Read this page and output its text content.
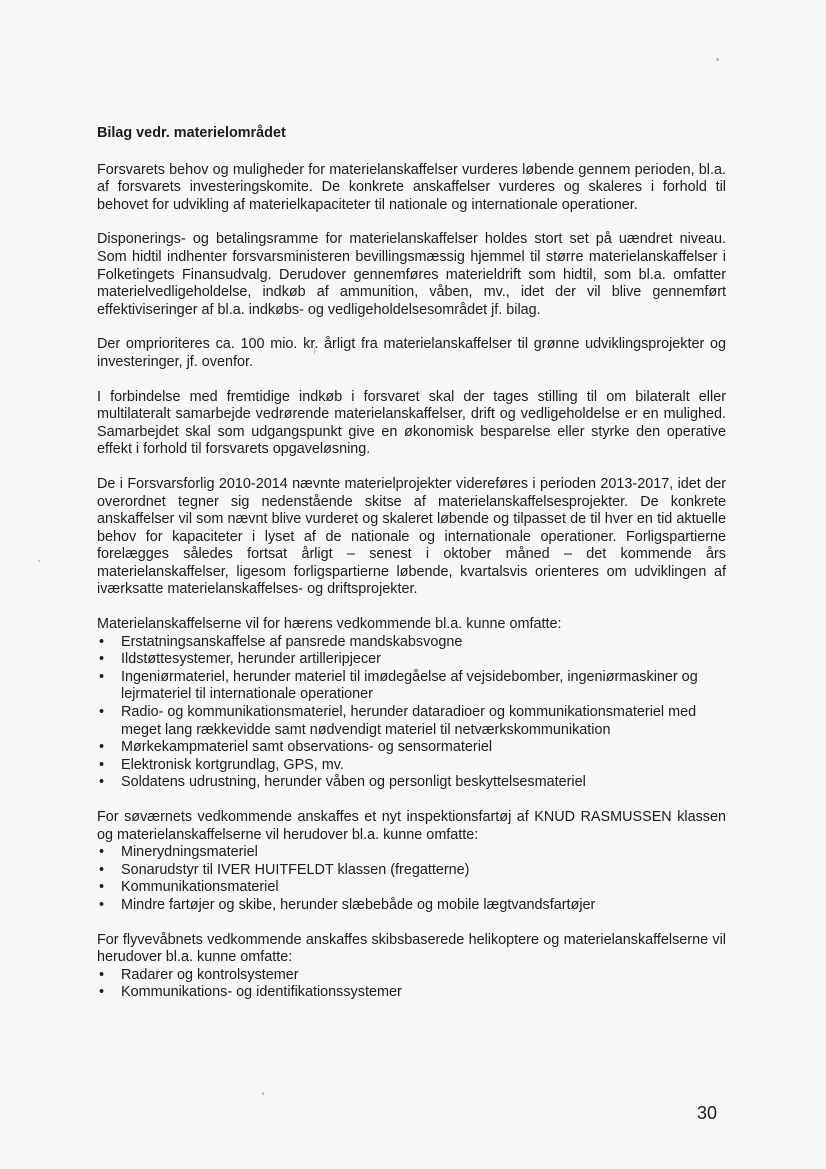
Bilag vedr. materielområdet

Forsvarets behov og muligheder for materielanskaffelser vurderes løbende gennem perioden, bl.a. af forsvarets investeringskomite. De konkrete anskaffelser vurderes og skaleres i forhold til behovet for udvikling af materielkapaciteter til nationale og internationale operationer.

Disponerings- og betalingsramme for materielanskaffelser holdes stort set på uændret niveau. Som hidtil indhenter forsvarsministeren bevillingsmæssig hjemmel til større materielanskaffelser i Folketingets Finansudvalg. Derudover gennemføres materieldrift som hidtil, som bl.a. omfatter materielvedligeholdelse, indkøb af ammunition, våben, mv., idet der vil blive gennemført effektiviseringer af bl.a. indkøbs- og vedligeholdelsesområdet jf. bilag.

Der omprioriteres ca. 100 mio. kr. årligt fra materielanskaffelser til grønne udviklingsprojekter og investeringer, jf. ovenfor.

I forbindelse med fremtidige indkøb i forsvaret skal der tages stilling til om bilateralt eller multilateralt samarbejde vedrørende materielanskaffelser, drift og vedligeholdelse er en mulighed. Samarbejdet skal som udgangspunkt give en økonomisk besparelse eller styrke den operative effekt i forhold til forsvarets opgaveløsning.

De i Forsvarsforlig 2010-2014 nævnte materielprojekter videreføres i perioden 2013-2017, idet der overordnet tegner sig nedenstående skitse af materielanskaffelsesprojekter. De konkrete anskaffelser vil som nævnt blive vurderet og skaleret løbende og tilpasset de til hver en tid aktuelle behov for kapaciteter i lyset af de nationale og internationale operationer. Forligspartierne forelægges således fortsat årligt – senest i oktober måned – det kommende års materielanskaffelser, ligesom forligspartierne løbende, kvartalsvis orienteres om udviklingen af iværksatte materielanskaffelses- og driftsprojekter.

Materielanskaffelserne vil for hærens vedkommende bl.a. kunne omfatte:

• Erstatningsanskaffelse af pansrede mandskabsvogne
• Ildstøttesystemer, herunder artilleripjecer
• Ingeniørmateriel, herunder materiel til imødegåelse af vejsidebomber, ingeniørmaskiner og lejrmateriel til internationale operationer
• Radio- og kommunikationsmateriel, herunder dataradioer og kommunikationsmateriel med meget lang rækkevidde samt nødvendigt materiel til netværkskommunikation
• Mørkekampmateriel samt observations- og sensormateriel
• Elektronisk kortgrundlag, GPS, mv.
• Soldatens udrustning, herunder våben og personligt beskyttelsesmateriel

For søværnets vedkommende anskaffes et nyt inspektionsfartøj af KNUD RASMUSSEN klassen og materielanskaffelserne vil herudover bl.a. kunne omfatte:

• Minerydningsmateriel
• Sonarudstyr til IVER HUITFELDT klassen (fregatterne)
• Kommunikationsmateriel
• Mindre fartøjer og skibe, herunder slæbebåde og mobile lægtvandsfartøjer

For flyvevåbnets vedkommende anskaffes skibsbaserede helikoptere og materielanskaffelserne vil herudover bl.a. kunne omfatte:

• Radarer og kontrolsystemer
• Kommunikations- og identifikationssystemer
30
